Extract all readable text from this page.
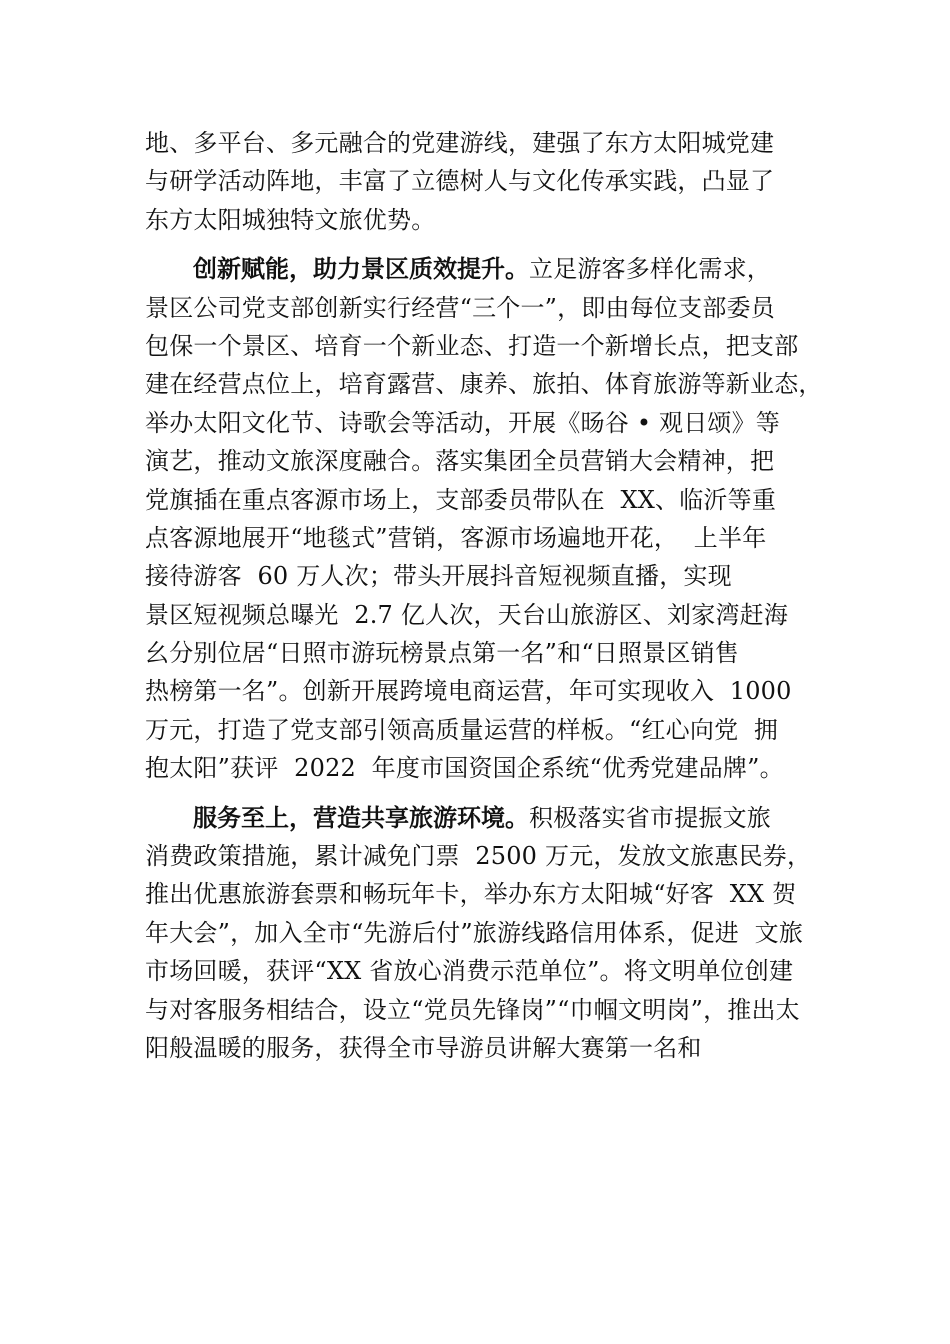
地、多平台、多元融合的党建游线，建强了东方太阳城党建
与研学活动阵地，丰富了立德树人与文化传承实践，凸显了
东方太阳城独特文旅优势。
创新赋能，助力景区质效提升。立足游客多样化需求，
景区公司党支部创新实行经营“三个一”，即由每位支部委员
包保一个景区、培育一个新业态、打造一个新增长点，把支部
建在经营点位上，培育露营、康养、旅拍、体育旅游等新业态，
举办太阳文化节、诗歌会等活动，开展《旸谷 • 观日颂》等
演艺，推动文旅深度融合。落实集团全员营销大会精神，把
党旗插在重点客源市场上，支部委员带队在  XX、临沂等重
点客源地展开“地毯式”营销，客源市场遍地开花，  上半年
接待游客  60 万人次；带头开展抖音短视频直播，实现
景区短视频总曝光  2.7 亿人次，天台山旅游区、刘家湾赶海
幺分别位居“日照市游玩榜景点第一名”和“日照景区销售
热榜第一名”。创新开展跨境电商运营，年可实现收入  1000
万元，打造了党支部引领高质量运营的样板。“红心向党  拥
抱太阳”获评  2022  年度市国资国企系统“优秀党建品牌”。
服务至上，营造共享旅游环境。积极落实省市提振文旅
消费政策措施，累计减免门票  2500 万元，发放文旅惠民券，
推出优惠旅游套票和畅玩年卡，举办东方太阳城“好客  XX 贺
年大会”，加入全市“先游后付”旅游线路信用体系，促进  文旅
市场回暖，获评“XX 省放心消费示范单位”。将文明单位创建
与对客服务相结合，设立“党员先锋岗”“巾帼文明岗”，推出太
阳般温暖的服务，获得全市导游员讲解大赛第一名和
